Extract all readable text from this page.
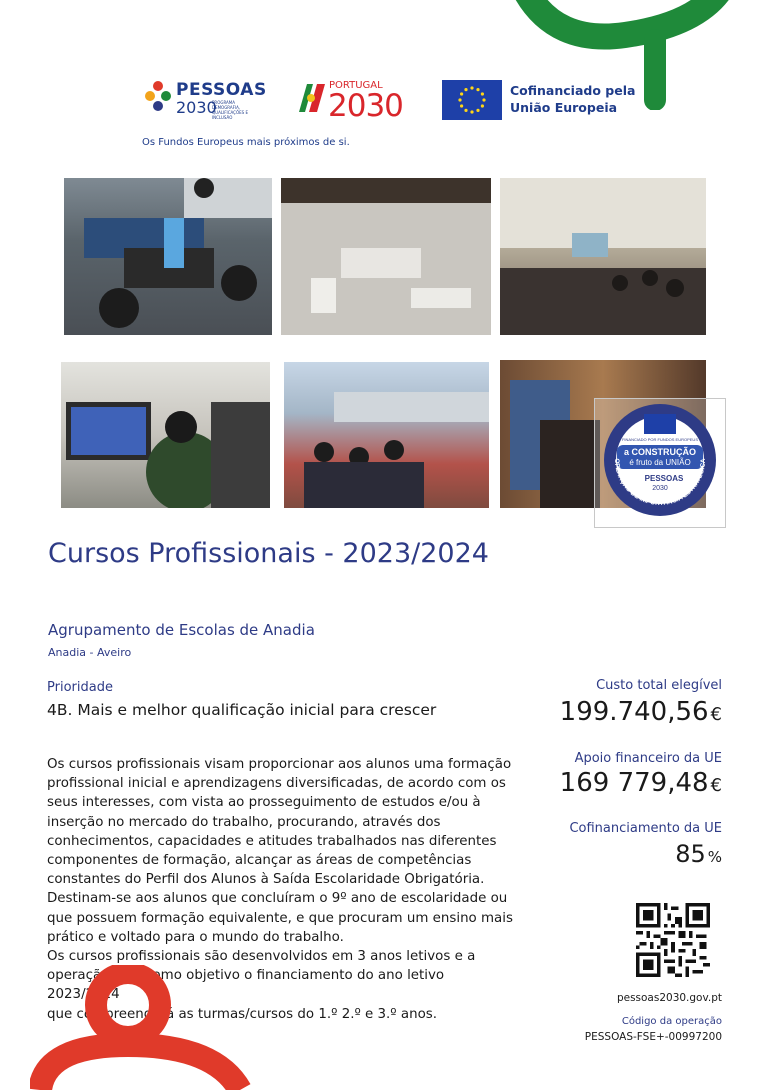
PESSOAS
2030
PROGRAMA DEMOGRAFIA, QUALIFICAÇÕES E INCLUSÃO
Os Fundos Europeus mais próximos de si.
PORTUGAL
2030	Cofinanciado pela
União Europeia
FINANCIADO POR FUNDOS EUROPEUS
a CONSTRUÇÃO
é fruto da UNIÃO
PESSOAS
2030
OPERAÇÃO DE IMPORTÂNCIA ESTRATÉGICA
Cursos Profissionais - 2023/2024
Agrupamento de Escolas de Anadia
Anadia - Aveiro
Prioridade
4B. Mais e melhor qualificação inicial para crescer
Os cursos profissionais visam proporcionar aos alunos uma formação
profissional inicial e aprendizagens diversificadas, de acordo com os
seus interesses, com vista ao prosseguimento de estudos e/ou à
inserção no mercado do trabalho, procurando, através dos
conhecimentos, capacidades e atitudes trabalhados nas diferentes
componentes de formação, alcançar as áreas de competências
constantes do Perfil dos Alunos à Saída Escolaridade Obrigatória.
Destinam-se aos alunos que concluíram o 9º ano de escolaridade ou
que possuem formação equivalente, e que procuram um ensino mais
prático e voltado para o mundo do trabalho.
Os cursos profissionais são desenvolvidos em 3 anos letivos e a
operação terá como objetivo o financiamento do ano letivo 2023/2024
que compreenderá as turmas/cursos do 1.º 2.º e 3.º anos.
Custo total elegível
199.740,56 €
Apoio financeiro da UE
169 779,48 €
Cofinanciamento da UE
85 %
pessoas2030.gov.pt
Código da operação
PESSOAS-FSE+-00997200
